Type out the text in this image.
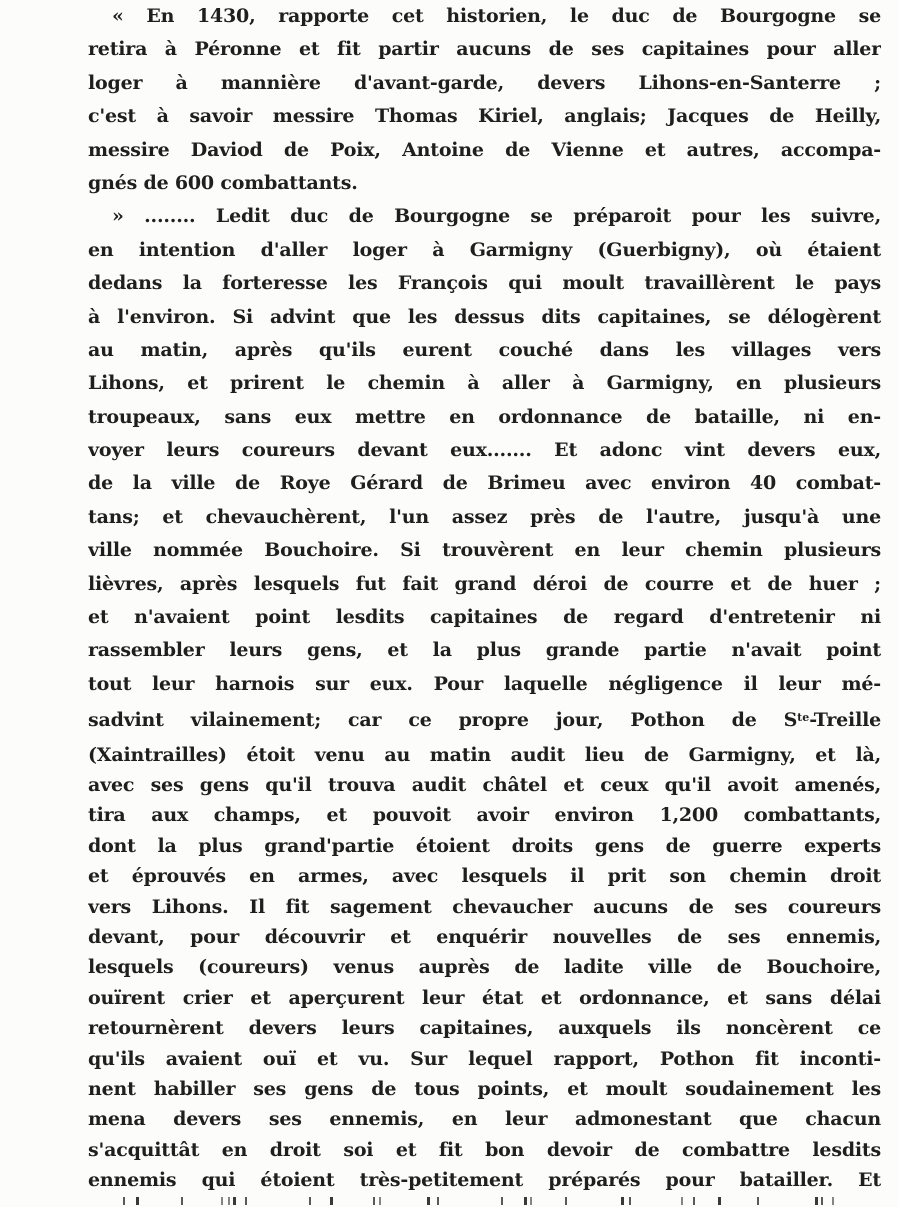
« En 1430, rapporte cet historien, le duc de Bourgogne se
retira à Péronne et fit partir aucuns de ses capitaines pour aller
loger à mannière d'avant-garde, devers Lihons-en-Santerre ;
c'est à savoir messire Thomas Kiriel, anglais; Jacques de Heilly,
messire Daviod de Poix, Antoine de Vienne et autres, accompa-
gnés de 600 combattants.
» ........ Ledit duc de Bourgogne se préparoit pour les suivre,
en intention d'aller loger à Garmigny (Guerbigny), où étaient
dedans la forteresse les François qui moult travaillèrent le pays
à l'environ. Si advint que les dessus dits capitaines, se délogèrent
au matin, après qu'ils eurent couché dans les villages vers
Lihons, et prirent le chemin à aller à Garmigny, en plusieurs
troupeaux, sans eux mettre en ordonnance de bataille, ni en-
voyer leurs coureurs devant eux....... Et adonc vint devers eux,
de la ville de Roye Gérard de Brimeu avec environ 40 combat-
tans; et chevauchèrent, l'un assez près de l'autre, jusqu'à une
ville nommée Bouchoire. Si trouvèrent en leur chemin plusieurs
lièvres, après lesquels fut fait grand déroi de courre et de huer ;
et n'avaient point lesdits capitaines de regard d'entretenir ni
rassembler leurs gens, et la plus grande partie n'avait point
tout leur harnois sur eux. Pour laquelle négligence il leur mé-
sadvint vilainement; car ce propre jour, Pothon de $S^{te}$-Treille
(Xaintrailles) étoit venu au matin audit lieu de Garmigny, et là,
avec ses gens qu'il trouva audit châtel et ceux qu'il avoit amenés,
tira aux champs, et pouvoit avoir environ 1,200 combattants,
dont la plus grand'partie étoient droits gens de guerre experts
et éprouvés en armes, avec lesquels il prit son chemin droit
vers Lihons. Il fit sagement chevaucher aucuns de ses coureurs
devant, pour découvrir et enquérir nouvelles de ses ennemis,
lesquels (coureurs) venus auprès de ladite ville de Bouchoire,
ouïrent crier et aperçurent leur état et ordonnance, et sans délai
retournèrent devers leurs capitaines, auxquels ils noncèrent ce
qu'ils avaient ouï et vu. Sur lequel rapport, Pothon fit inconti-
nent habiller ses gens de tous points, et moult soudainement les
mena devers ses ennemis, en leur admonestant que chacun
s'acquittât en droit soi et fit bon devoir de combattre lesdits
ennemis qui étoient très-petitement préparés pour batailler. Et
